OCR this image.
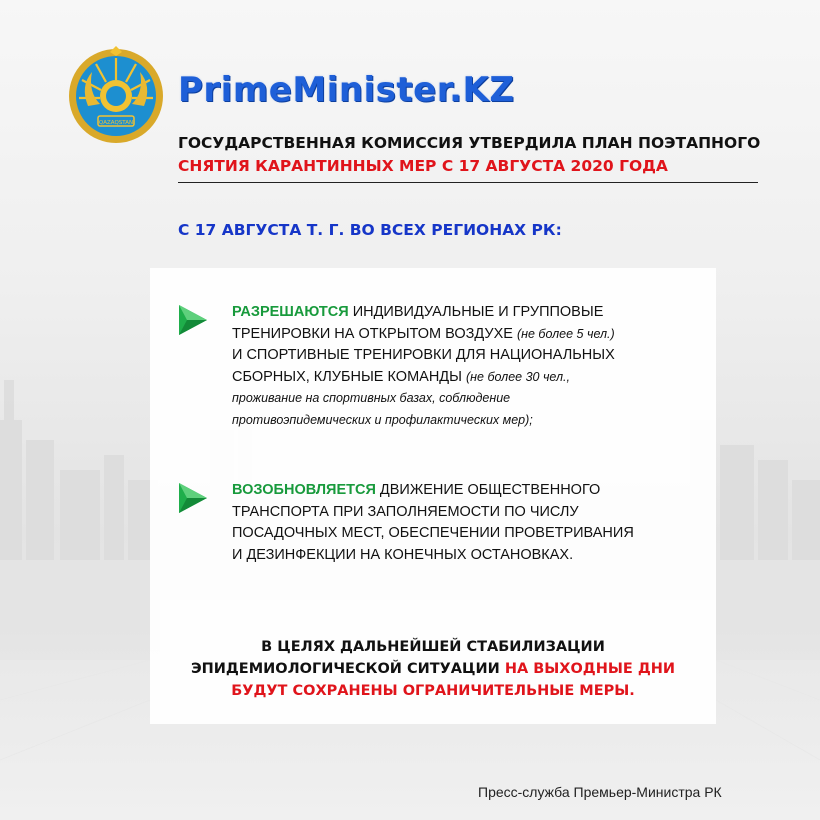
QAZAQSTAN
PrimeMinister.KZ
ГОСУДАРСТВЕННАЯ КОМИССИЯ УТВЕРДИЛА ПЛАН ПОЭТАПНОГО
СНЯТИЯ КАРАНТИННЫХ МЕР С 17 АВГУСТА 2020 ГОДА
С 17 АВГУСТА Т. Г. ВО ВСЕХ РЕГИОНАХ РК:
РАЗРЕШАЮТСЯ ИНДИВИДУАЛЬНЫЕ И ГРУППОВЫЕ
ТРЕНИРОВКИ НА ОТКРЫТОМ ВОЗДУХЕ (не более 5 чел.)
И СПОРТИВНЫЕ ТРЕНИРОВКИ ДЛЯ НАЦИОНАЛЬНЫХ
СБОРНЫХ, КЛУБНЫЕ КОМАНДЫ (не более 30 чел.,
проживание на спортивных базах, соблюдение
противоэпидемических и профилактических мер);
ВОЗОБНОВЛЯЕТСЯ ДВИЖЕНИЕ ОБЩЕСТВЕННОГО
ТРАНСПОРТА ПРИ ЗАПОЛНЯЕМОСТИ ПО ЧИСЛУ
ПОСАДОЧНЫХ МЕСТ, ОБЕСПЕЧЕНИИ ПРОВЕТРИВАНИЯ
И ДЕЗИНФЕКЦИИ НА КОНЕЧНЫХ ОСТАНОВКАХ.
В ЦЕЛЯХ ДАЛЬНЕЙШЕЙ СТАБИЛИЗАЦИИ
ЭПИДЕМИОЛОГИЧЕСКОЙ СИТУАЦИИ НА ВЫХОДНЫЕ ДНИ
БУДУТ СОХРАНЕНЫ ОГРАНИЧИТЕЛЬНЫЕ МЕРЫ.
Пресс-служба Премьер-Министра РК
